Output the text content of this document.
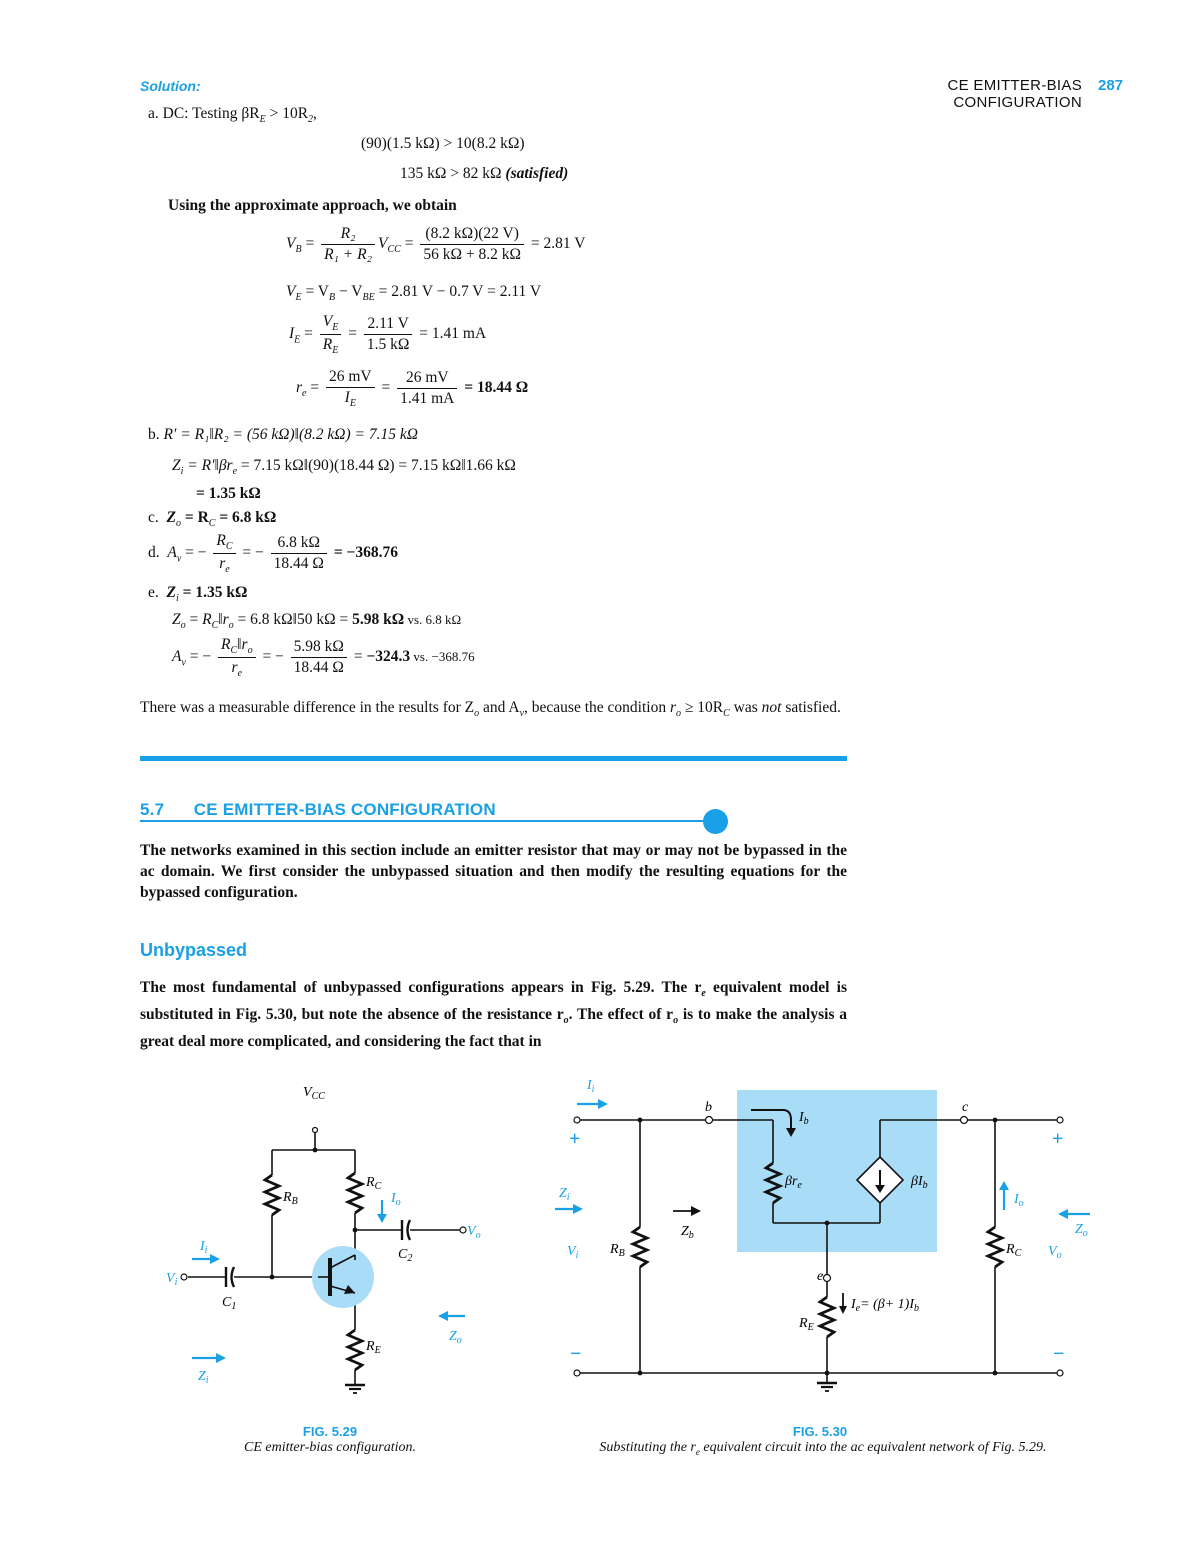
CE EMITTER-BIAS
CONFIGURATION
287
Solution:
a. DC: Testing $\beta R_E > 10R_2$,
(90)(1.5 kΩ) > 10(8.2 kΩ)
135 kΩ > 82 kΩ (satisfied)
Using the approximate approach, we obtain
$V_B = \frac{\text{R₂}}{\text{R₁ + R₂}} V_{CC} = \frac{(8.2 k\Omega)(22 V)}{56 k\Omega + 8.2 k\Omega} = 2.81$ V
$V_E = V_B - V_{BE} = 2.81$ V − 0.7 V = 2.11 V
$I_E = \frac{V_E}{R_E} = \frac{2.11 V}{1.5 k\Omega} = 1.41$ mA
$r_e = \frac{26 mV}{I_E} = \frac{26 mV}{1.41 mA} = 18.44$ Ω
b. R′ = R₁‖R₂ = (56 kΩ)‖(8.2 kΩ) = 7.15 kΩ
$Z_i$ = $R'‖\beta r_e = 7.15$ kΩ‖(90)(18.44 Ω) = 7.15 kΩ‖1.66 kΩ
= 1.35 kΩ
c. $Z_o = R_C = 6.8$ kΩ
d. $A_v$ = − $\frac{R_C}{r_e}$ = − $\frac{6.8 k\Omega}{18.44 \Omega} = -368.76$
e. $Z_i = 1.35$ kΩ
$Z_o$ = $R_C‖r_o = 6.8$ kΩ‖50 kΩ = 5.98 kΩ vs. 6.8 kΩ
$A_v$ = − $\frac{R_C‖r_o}{r_e}$ = − $\frac{5.98 k\Omega}{18.44 \Omega} = -324.3$ vs. −368.76
There was a measurable difference in the results for $Z_o$ and $A_v$, because the condition $r_o \ge 10R_C$ was not satisfied.
5.7 CE EMITTER-BIAS CONFIGURATION
The networks examined in this section include an emitter resistor that may or may not be bypassed in the ac domain. We first consider the unbypassed situation and then modify the resulting equations for the bypassed configuration.
Unbypassed
The most fundamental of unbypassed configurations appears in Fig. 5.29. The $r_e$ equivalent model is substituted in Fig. 5.30, but note the absence of the resistance $r_o$. The effect of $r_o$ is to make the analysis a great deal more complicated, and considering the fact that in
$V_{CC}$
$R_B$
$R_C$
$I_o$
$C_2$
$V_o$
$I_i$
$V_i$
$C_1$
$R_E$
$Z_o$
$Z_i$
FIG. 5.29
CE emitter-bias configuration.
$I_i$
b	c
e
$I_b$
$\beta r_e$	$\beta I_b$
$I_o$
$Z_i$
$V_i$ $R_B$
$Z_b$
$I_e= (\beta+ 1)I_b$
$R_E$
$R_C$ $V_o$
$Z_o$
+	+
−	−
FIG. 5.30
Substituting the $r_e$ equivalent circuit into the ac equivalent network of Fig. 5.29.
